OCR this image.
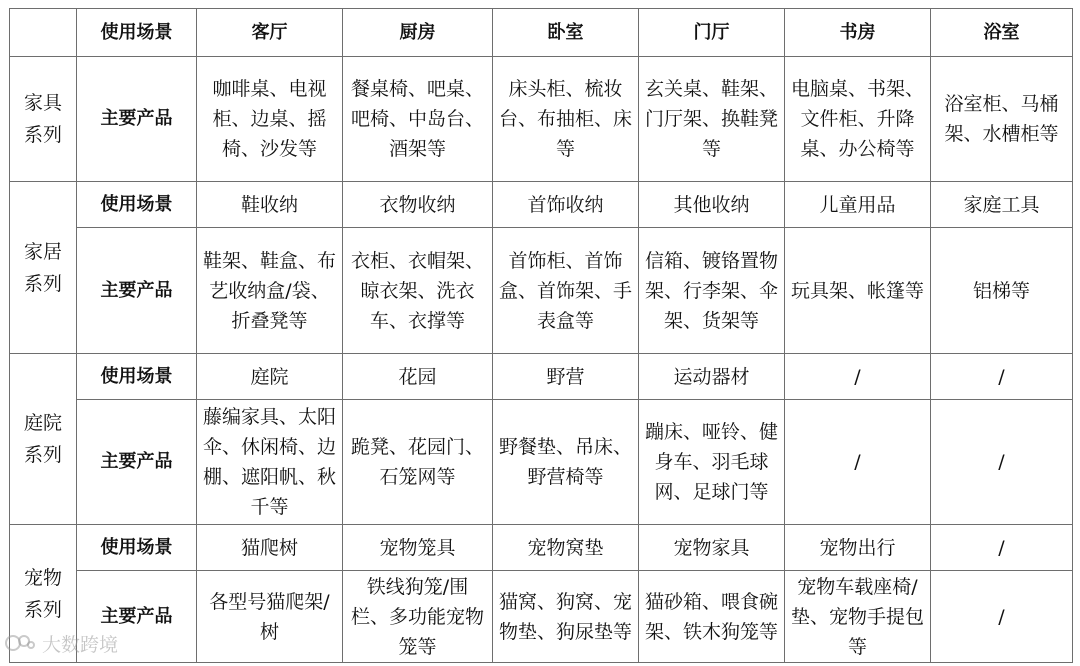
	使用场景	客厅	厨房	卧室	门厅	书房	浴室
家具系列	主要产品	咖啡桌、电视柜、边桌、摇椅、沙发等	餐桌椅、吧桌、吧椅、中岛台、酒架等	床头柜、梳妆台、布抽柜、床等	玄关桌、鞋架、门厅架、换鞋凳等	电脑桌、书架、文件柜、升降桌、办公椅等	浴室柜、马桶架、水槽柜等
家居系列	使用场景	鞋收纳	衣物收纳	首饰收纳	其他收纳	儿童用品	家庭工具
	主要产品	鞋架、鞋盒、布艺收纳盒/袋、折叠凳等	衣柜、衣帽架、晾衣架、洗衣车、衣撑等	首饰柜、首饰盒、首饰架、手表盒等	信箱、镀铬置物架、行李架、伞架、货架等	玩具架、帐篷等	铝梯等
庭院系列	使用场景	庭院	花园	野营	运动器材	/	/
	主要产品	藤编家具、太阳伞、休闲椅、边棚、遮阳帆、秋千等	跪凳、花园门、石笼网等	野餐垫、吊床、野营椅等	蹦床、哑铃、健身车、羽毛球网、足球门等	/	/
宠物系列	使用场景	猫爬树	宠物笼具	宠物窝垫	宠物家具	宠物出行	/
	主要产品	各型号猫爬架/树	铁线狗笼/围栏、多功能宠物笼等	猫窝、狗窝、宠物垫、狗尿垫等	猫砂箱、喂食碗架、铁木狗笼等	宠物车载座椅/垫、宠物手提包等	/
大数跨境
